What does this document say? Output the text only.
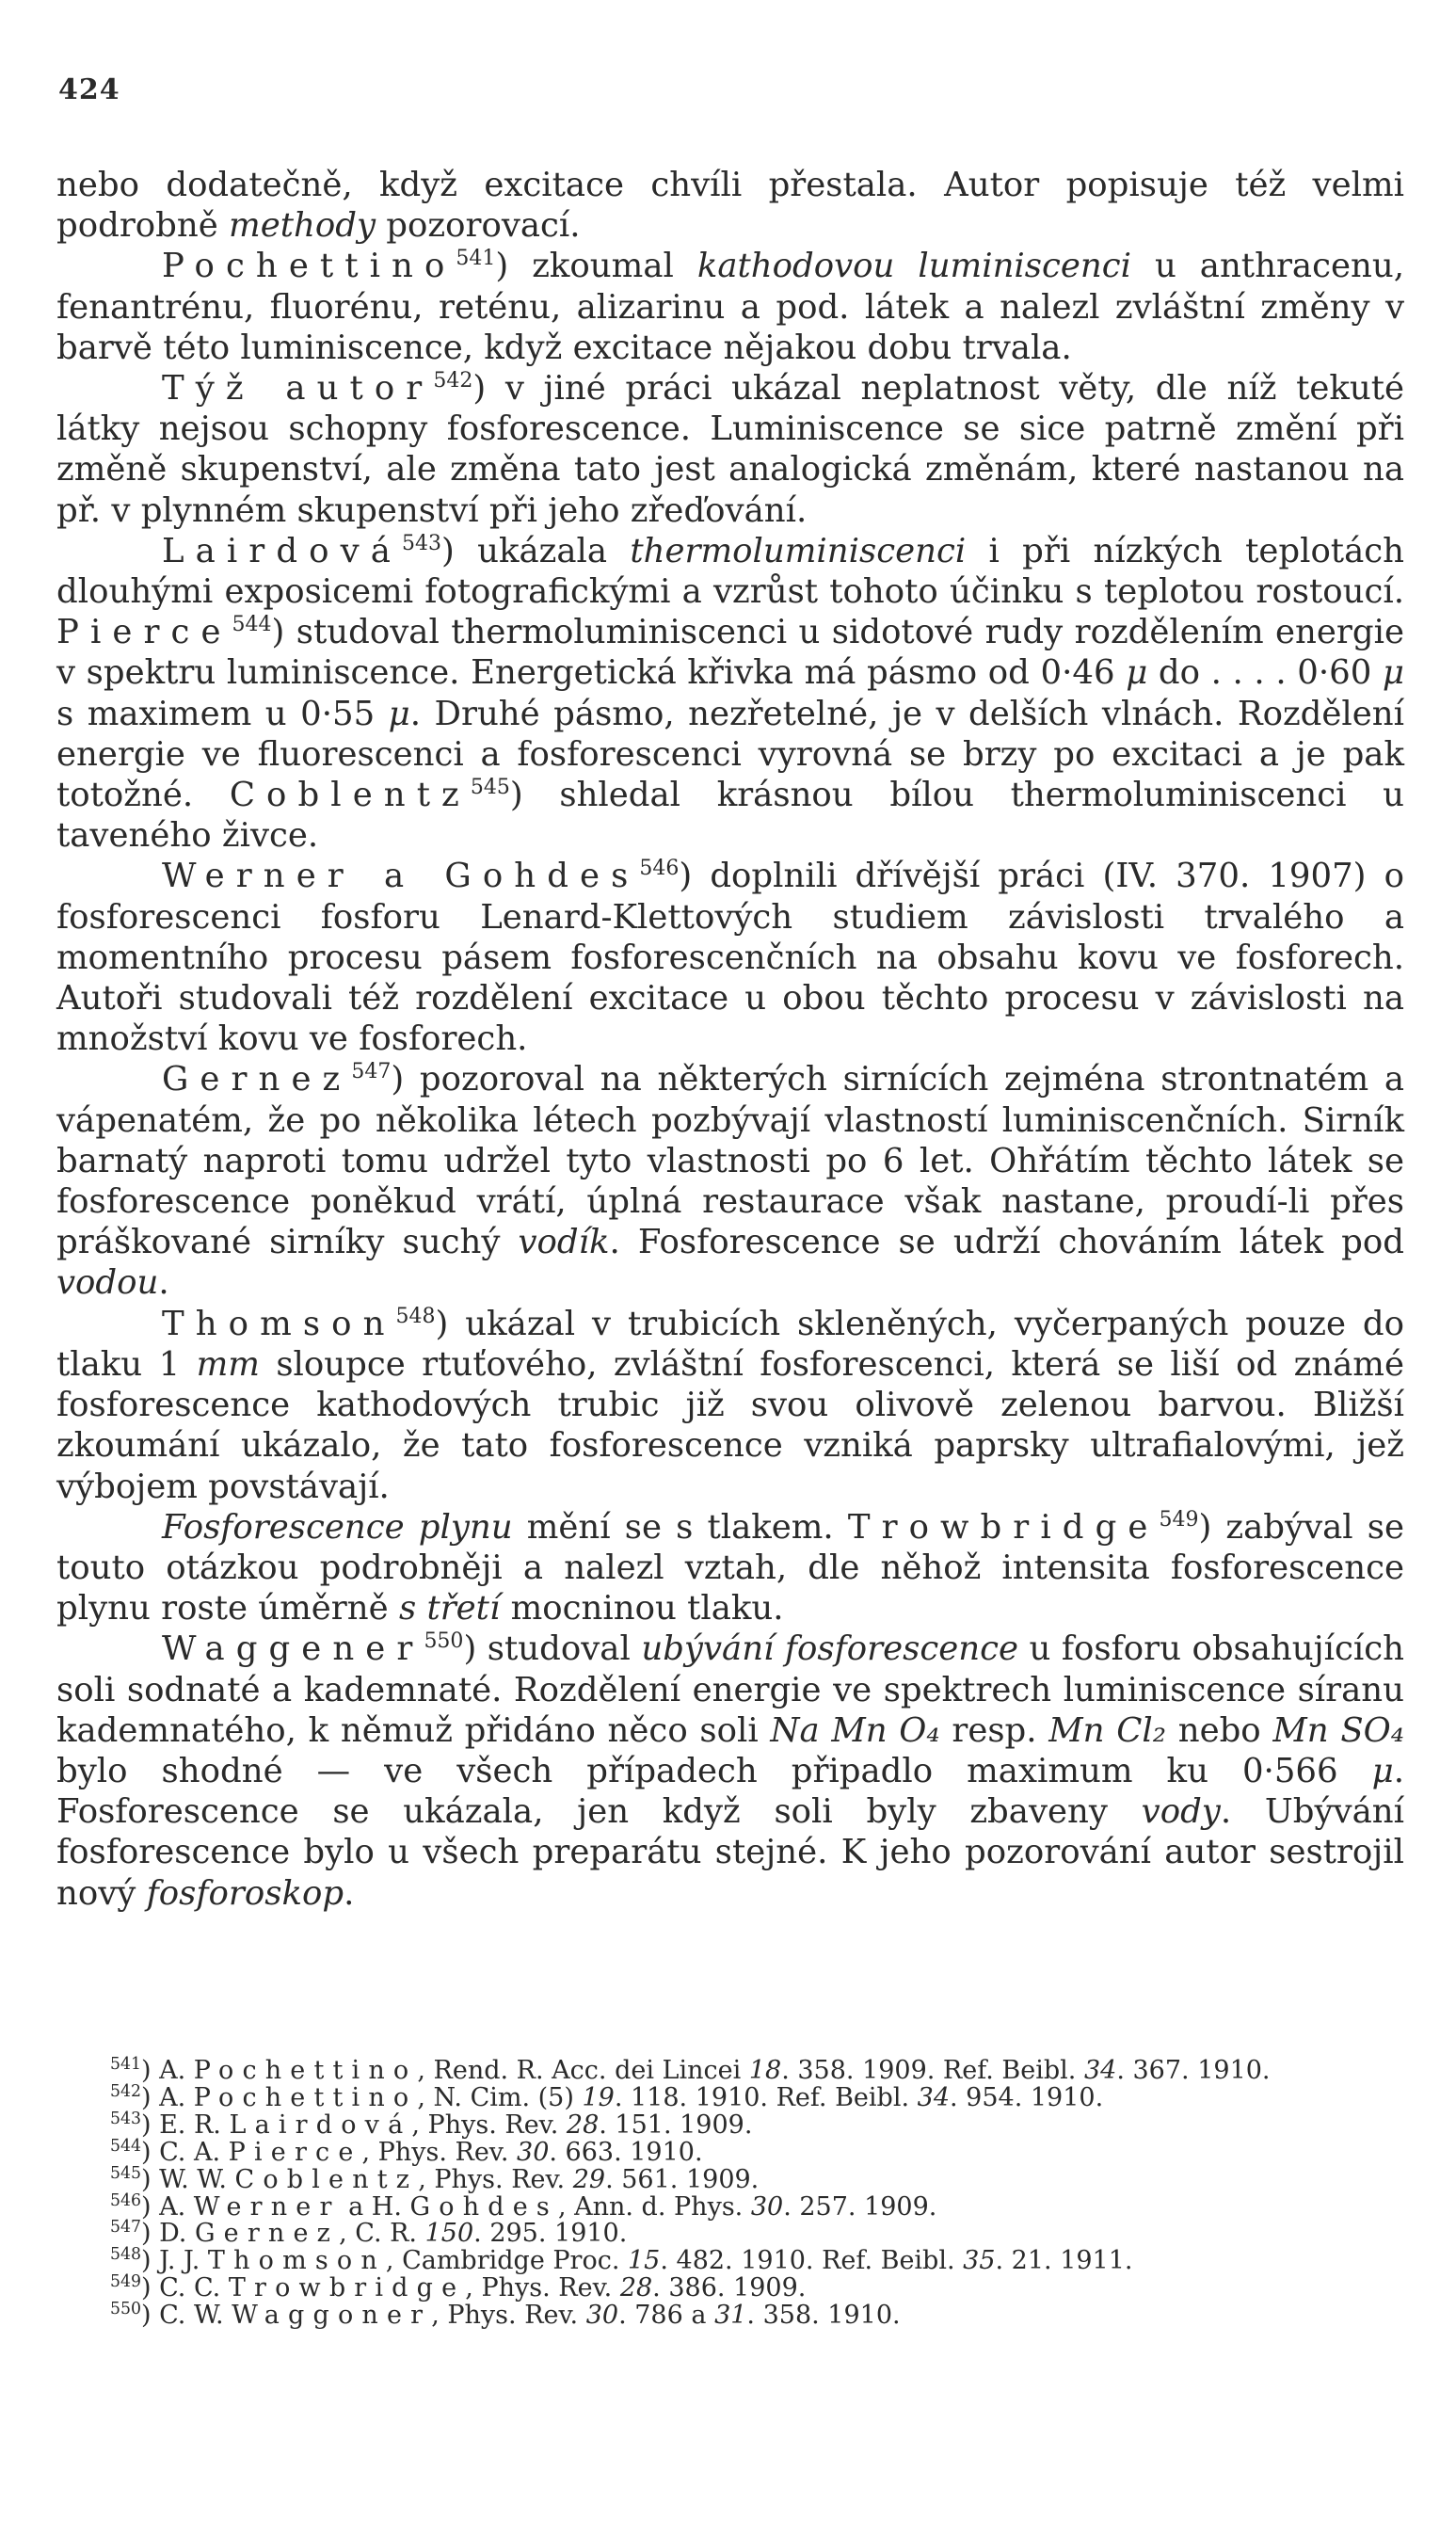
424

nebo dodatečně, když excitace chvíli přestala. Autor popisuje též velmi podrobně methody pozorovací.

Pochettino$^{541}$) zkoumal kathodovou luminiscenci u anthracenu, fenantrénu, fluorénu, reténu, alizarinu a pod. látek a nalezl zvláštní změny v barvě této luminiscence, když excitace nějakou dobu trvala.

Týž autor$^{542}$) v jiné práci ukázal neplatnost věty, dle níž tekuté látky nejsou schopny fosforescence. Luminiscence se sice patrně změní při změně skupenství, ale změna tato jest analogická změnám, které nastanou na př. v plynném skupenství při jeho zřeďování.

Lairdová$^{543}$) ukázala thermoluminiscenci i při nízkých teplotách dlouhými exposicemi fotografickými a vzrůst tohoto účinku s teplotou rostoucí. Pierce$^{544}$) studoval thermoluminiscenci u sidotové rudy rozdělením energie v spektru luminiscence. Energetická křivka má pásmo od 0·46 μ do . . . . 0·60 μ s maximem u 0·55 μ. Druhé pásmo, nezřetelné, je v delších vlnách. Rozdělení energie ve fluorescenci a fosforescenci vyrovná se brzy po excitaci a je pak totožné. Coblentz$^{545}$) shledal krásnou bílou thermoluminiscenci u taveného živce.

Werner a Gohdes$^{546}$) doplnili dřívější práci (IV. 370. 1907) o fosforescenci fosforu Lenard-Klettových studiem závislosti trvalého a momentního procesu pásem fosforescenčních na obsahu kovu ve fosforech. Autoři studovali též rozdělení excitace u obou těchto procesu v závislosti na množství kovu ve fosforech.

Gernez$^{547}$) pozoroval na některých sirnících zejména strontnatém a vápenatém, že po několika létech pozbývají vlastností luminiscenčních. Sirník barnatý naproti tomu udržel tyto vlastnosti po 6 let. Ohřátím těchto látek se fosforescence poněkud vrátí, úplná restaurace však nastane, proudí-li přes práškované sirníky suchý vodík. Fosforescence se udrží chováním látek pod vodou.

Thomson$^{548}$) ukázal v trubicích skleněných, vyčerpaných pouze do tlaku 1 mm sloupce rtuťového, zvláštní fosforescenci, která se liší od známé fosforescence kathodových trubic již svou olivově zelenou barvou. Bližší zkoumání ukázalo, že tato fosforescence vzniká paprsky ultrafialovými, jež výbojem povstávají.

Fosforescence plynu mění se s tlakem. Trowbridge$^{549}$) zabýval se touto otázkou podrobněji a nalezl vztah, dle něhož intensita fosforescence plynu roste úměrně s třetí mocninou tlaku.

Waggener$^{550}$) studoval ubývání fosforescence u fosforu obsahujících soli sodnaté a kademnaté. Rozdělení energie ve spektrech luminiscence síranu kademnatého, k němuž přidáno něco soli Na Mn O₄ resp. Mn Cl₂ nebo Mn SO₄ bylo shodné — ve všech případech připadlo maximum ku 0·566 μ. Fosforescence se ukázala, jen když soli byly zbaveny vody. Ubývání fosforescence bylo u všech preparátu stejné. K jeho pozorování autor sestrojil nový fosforoskop.

$^{541}$) A. Pochettino, Rend. R. Acc. dei Lincei 18. 358. 1909. Ref. Beibl. 34. 367. 1910.

$^{542}$) A. Pochettino, N. Cim. (5) 19. 118. 1910. Ref. Beibl. 34. 954. 1910.

$^{543}$) E. R. Lairdová, Phys. Rev. 28. 151. 1909.

$^{544}$) C. A. Pierce, Phys. Rev. 30. 663. 1910.

$^{545}$) W. W. Coblentz, Phys. Rev. 29. 561. 1909.

$^{546}$) A. Werner a H. Gohdes, Ann. d. Phys. 30. 257. 1909.

$^{547}$) D. Gernez, C. R. 150. 295. 1910.

$^{548}$) J. J. Thomson, Cambridge Proc. 15. 482. 1910. Ref. Beibl. 35. 21. 1911.

$^{549}$) C. C. Trowbridge, Phys. Rev. 28. 386. 1909.

$^{550}$) C. W. Waggoner, Phys. Rev. 30. 786 a 31. 358. 1910.
